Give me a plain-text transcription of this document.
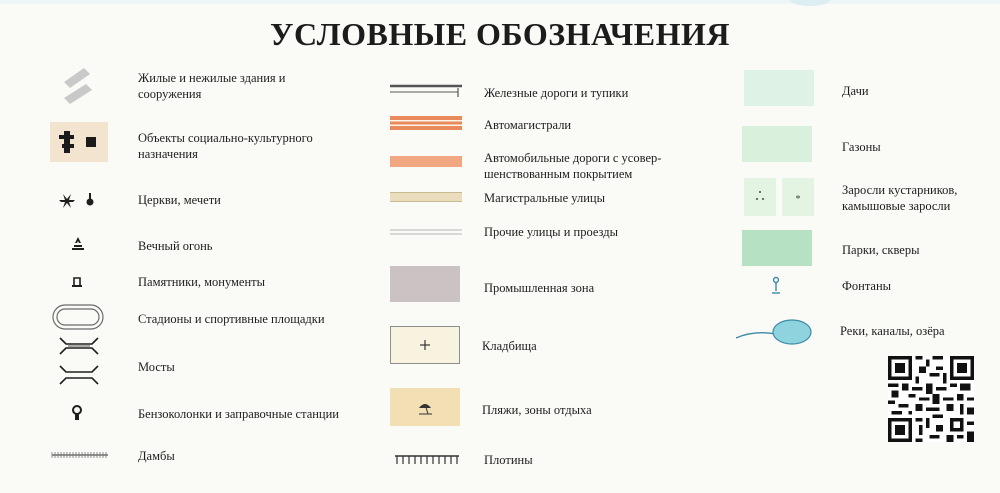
УСЛОВНЫЕ ОБОЗНАЧЕНИЯ
Жилые и нежилые здания и сооружения
Объекты социально-культурного назначения
Церкви, мечети
Вечный огонь
Памятники, монументы
Стадионы и спортивные площадки
Мосты
Бензоколонки и заправочные станции
Дамбы
Железные дороги и тупики
Автомагистрали
Автомобильные дороги с усовер-шенствованным покрытием
Магистральные улицы
Прочие улицы и проезды
Промышленная зона
Кладбища
Пляжи, зоны отдыха
Плотины
Дачи
Газоны
*
Заросли кустарников, камышовые заросли
Парки, скверы
Фонтаны
Реки, каналы, озёра
